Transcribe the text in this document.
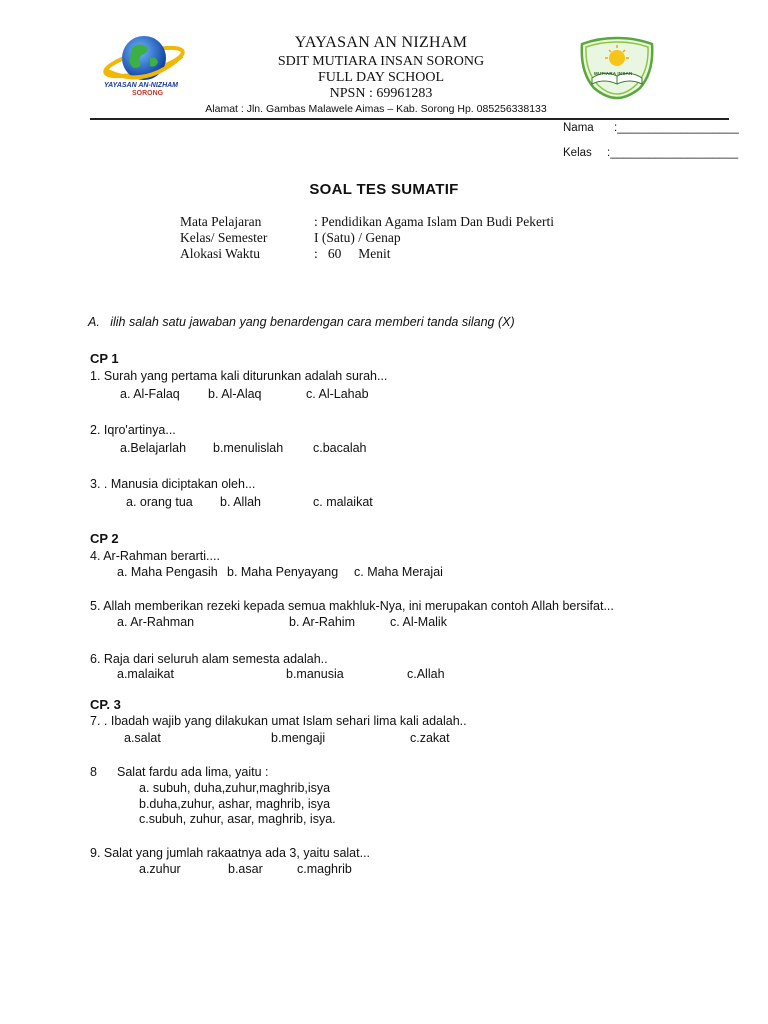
YAYASAN AN-NIZHAM
SORONG
YAYASAN AN NIZHAM
SDIT MUTIARA INSAN SORONG
FULL DAY SCHOOL
NPSN : 69961283
Alamat : Jln. Gambas Malawele Aimas – Kab. Sorong Hp. 085256338133
MUTIARA INSAN
Nama :___________________
Kelas :____________________
SOAL TES SUMATIF
Mata Pelajaran	: Pendidikan Agama Islam Dan Budi Pekerti
Kelas/ Semester	I (Satu) / Genap
Alokasi Waktu	:   60     Menit
A.   ilih salah satu jawaban yang benardengan cara memberi tanda silang (X)
CP 1
CP 2
CP. 3
1. Surah yang pertama kali diturunkan adalah surah...
a. Al-Falaq b. Al-Alaq	c. Al-Lahab
2. Iqro'artinya...
a.Belajarlah b.menulislah c.bacalah
3. . Manusia diciptakan oleh...
a. orang tua b. Allah	c. malaikat
4. Ar-Rahman berarti....
a. Maha Pengasih b. Maha Penyayang c. Maha Merajai
5. Allah memberikan rezeki kepada semua makhluk-Nya, ini merupakan contoh Allah bersifat...
a. Ar-Rahman	b. Ar-Rahim	c. Al-Malik
6. Raja dari seluruh alam semesta adalah..
a.malaikat	b.manusia	c.Allah
7. . Ibadah wajib yang dilakukan umat Islam sehari lima kali adalah..
a.salat	b.mengaji	c.zakat
8 Salat fardu ada lima, yaitu :
a. subuh, duha,zuhur,maghrib,isya
b.duha,zuhur, ashar, maghrib, isya
c.subuh, zuhur, asar, maghrib, isya.
9. Salat yang jumlah rakaatnya ada 3, yaitu salat...
a.zuhur	b.asar	c.maghrib
